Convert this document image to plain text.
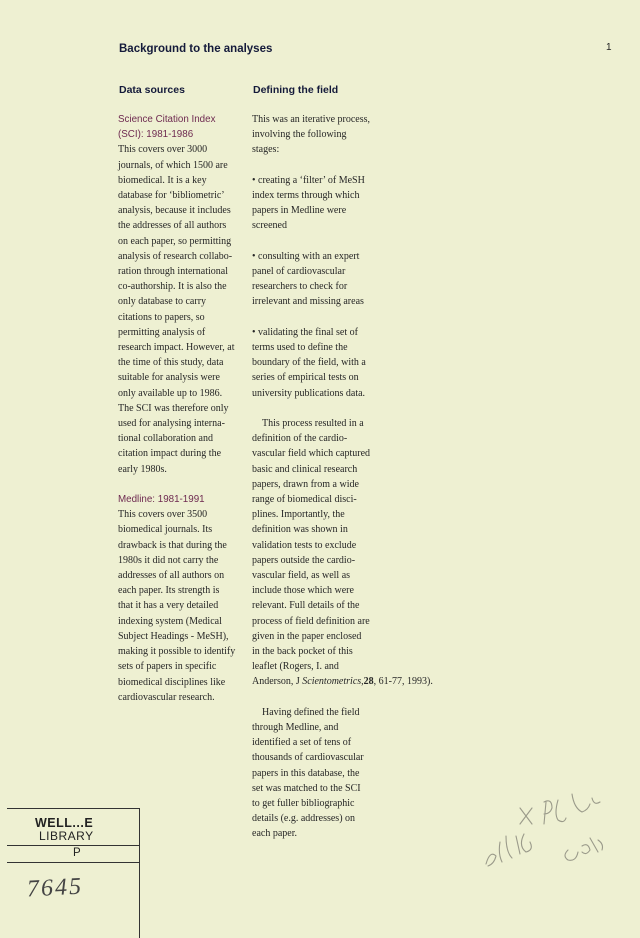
Background to the analyses	1
Data sources	Defining the field
Science Citation Index
(SCI): 1981-1986
This covers over 3000
journals, of which 1500 are
biomedical. It is a key
database for ‘bibliometric’
analysis, because it includes
the addresses of all authors
on each paper, so permitting
analysis of research collabo-
ration through international
co-authorship. It is also the
only database to carry
citations to papers, so
permitting analysis of
research impact. However, at
the time of this study, data
suitable for analysis were
only available up to 1986.
The SCI was therefore only
used for analysing interna-
tional collaboration and
citation impact during the
early 1980s.
Medline: 1981-1991
This covers over 3500
biomedical journals. Its
drawback is that during the
1980s it did not carry the
addresses of all authors on
each paper. Its strength is
that it has a very detailed
indexing system (Medical
Subject Headings - MeSH),
making it possible to identify
sets of papers in specific
biomedical disciplines like
cardiovascular research.
This was an iterative process,
involving the following
stages:
• creating a ‘filter’ of MeSH
index terms through which
papers in Medline were
screened
• consulting with an expert
panel of cardiovascular
researchers to check for
irrelevant and missing areas
• validating the final set of
terms used to define the
boundary of the field, with a
series of empirical tests on
university publications data.
This process resulted in a
definition of the cardio-
vascular field which captured
basic and clinical research
papers, drawn from a wide
range of biomedical disci-
plines. Importantly, the
definition was shown in
validation tests to exclude
papers outside the cardio-
vascular field, as well as
include those which were
relevant. Full details of the
process of field definition are
given in the paper enclosed
in the back pocket of this
leaflet (Rogers, I. and
Anderson, J Scientometrics,28, 61-77, 1993).
Having defined the field
through Medline, and
identified a set of tens of
thousands of cardiovascular
papers in this database, the
set was matched to the SCI
to get fuller bibliographic
details (e.g. addresses) on
each paper.
WELL...E
LIBRARY
P
7645
